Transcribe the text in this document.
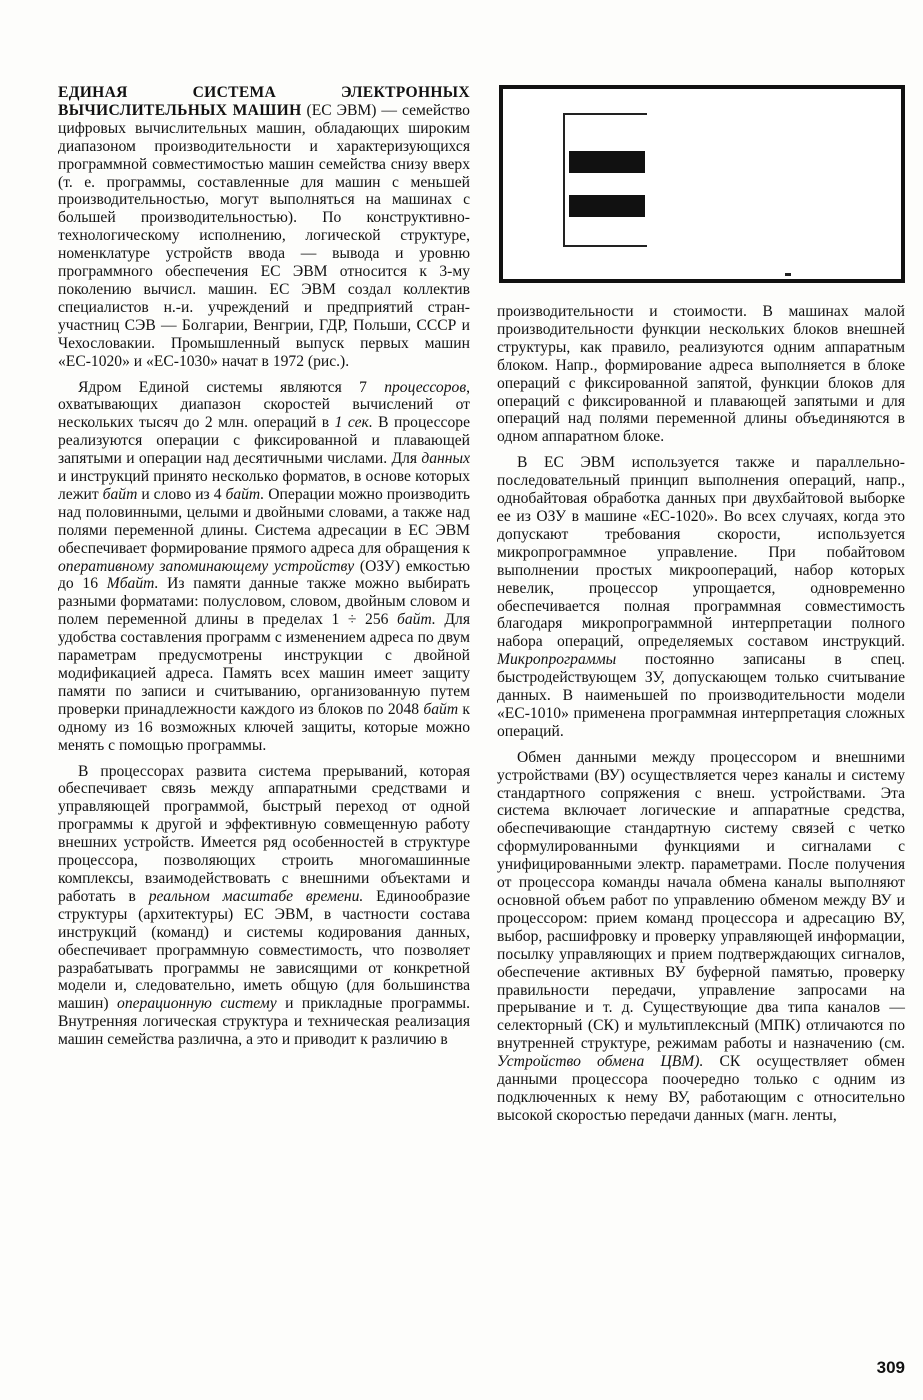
ЕДИНАЯ СИСТЕМА ЭЛЕКТРОННЫХ ВЫЧИСЛИТЕЛЬНЫХ МАШИН (ЕС ЭВМ) — семейство цифровых вычислительных машин, обладающих широким диапазоном производительности и характеризующихся программной совместимостью машин семейства снизу вверх (т. е. программы, составленные для машин с меньшей производительностью, могут выполняться на машинах с большей производительностью). По конструктивно-технологическому исполнению, логической структуре, номенклатуре устройств ввода — вывода и уровню программного обеспечения ЕС ЭВМ относится к 3-му поколению вычисл. машин. ЕС ЭВМ создал коллектив специалистов н.-и. учреждений и предприятий стран-участниц СЭВ — Болгарии, Венгрии, ГДР, Польши, СССР и Чехословакии. Промышленный выпуск первых машин «ЕС-1020» и «ЕС-1030» начат в 1972 (рис.).

Ядром Единой системы являются 7 процессоров, охватывающих диапазон скоростей вычислений от нескольких тысяч до 2 млн. операций в 1 сек. В процессоре реализуются операции с фиксированной и плавающей запятыми и операции над десятичными числами. Для данных и инструкций принято несколько форматов, в основе которых лежит байт и слово из 4 байт. Операции можно производить над половинными, целыми и двойными словами, а также над полями переменной длины. Система адресации в ЕС ЭВМ обеспечивает формирование прямого адреса для обращения к оперативному запоминающему устройству (ОЗУ) емкостью до 16 Мбайт. Из памяти данные также можно выбирать разными форматами: полусловом, словом, двойным словом и полем переменной длины в пределах 1 ÷ 256 байт. Для удобства составления программ с изменением адреса по двум параметрам предусмотрены инструкции с двойной модификацией адреса. Память всех машин имеет защиту памяти по записи и считыванию, организованную путем проверки принадлежности каждого из блоков по 2048 байт к одному из 16 возможных ключей защиты, которые можно менять с помощью программы.

В процессорах развита система прерываний, которая обеспечивает связь между аппаратными средствами и управляющей программой, быстрый переход от одной программы к другой и эффективную совмещенную работу внешних устройств. Имеется ряд особенностей в структуре процессора, позволяющих строить многомашинные комплексы, взаимодействовать с внешними объектами и работать в реальном масштабе времени. Единообразие структуры (архитектуры) ЕС ЭВМ, в частности состава инструкций (команд) и системы кодирования данных, обеспечивает программную совместимость, что позволяет разрабатывать программы не зависящими от конкретной модели и, следовательно, иметь общую (для большинства машин) операционную систему и прикладные программы. Внутренняя логическая структура и техническая реализация машин семейства различна, а это и приводит к различию в

производительности и стоимости. В машинах малой производительности функции нескольких блоков внешней структуры, как правило, реализуются одним аппаратным блоком. Напр., формирование адреса выполняется в блоке операций с фиксированной запятой, функции блоков для операций с фиксированной и плавающей запятыми и для операций над полями переменной длины объединяются в одном аппаратном блоке.

В ЕС ЭВМ используется также и параллельно-последовательный принцип выполнения операций, напр., однобайтовая обработка данных при двухбайтовой выборке ее из ОЗУ в машине «ЕС-1020». Во всех случаях, когда это допускают требования скорости, используется микропрограммное управление. При побайтовом выполнении простых микроопераций, набор которых невелик, процессор упрощается, одновременно обеспечивается полная программная совместимость благодаря микропрограммной интерпретации полного набора операций, определяемых составом инструкций. Микропрограммы постоянно записаны в спец. быстродействующем ЗУ, допускающем только считывание данных. В наименьшей по производительности модели «ЕС-1010» применена программная интерпретация сложных операций.

Обмен данными между процессором и внешними устройствами (ВУ) осуществляется через каналы и систему стандартного сопряжения с внеш. устройствами. Эта система включает логические и аппаратные средства, обеспечивающие стандартную систему связей с четко сформулированными функциями и сигналами с унифицированными электр. параметрами. После получения от процессора команды начала обмена каналы выполняют основной объем работ по управлению обменом между ВУ и процессором: прием команд процессора и адресацию ВУ, выбор, расшифровку и проверку управляющей информации, посылку управляющих и прием подтверждающих сигналов, обеспечение активных ВУ буферной памятью, проверку правильности передачи, управление запросами на прерывание и т. д. Существующие два типа каналов — селекторный (СК) и мультиплексный (МПК) отличаются по внутренней структуре, режимам работы и назначению (см. Устройство обмена ЦВМ). СК осуществляет обмен данными процессора поочередно только с одним из подключенных к нему ВУ, работающим с относительно высокой скоростью передачи данных (магн. ленты,

309
